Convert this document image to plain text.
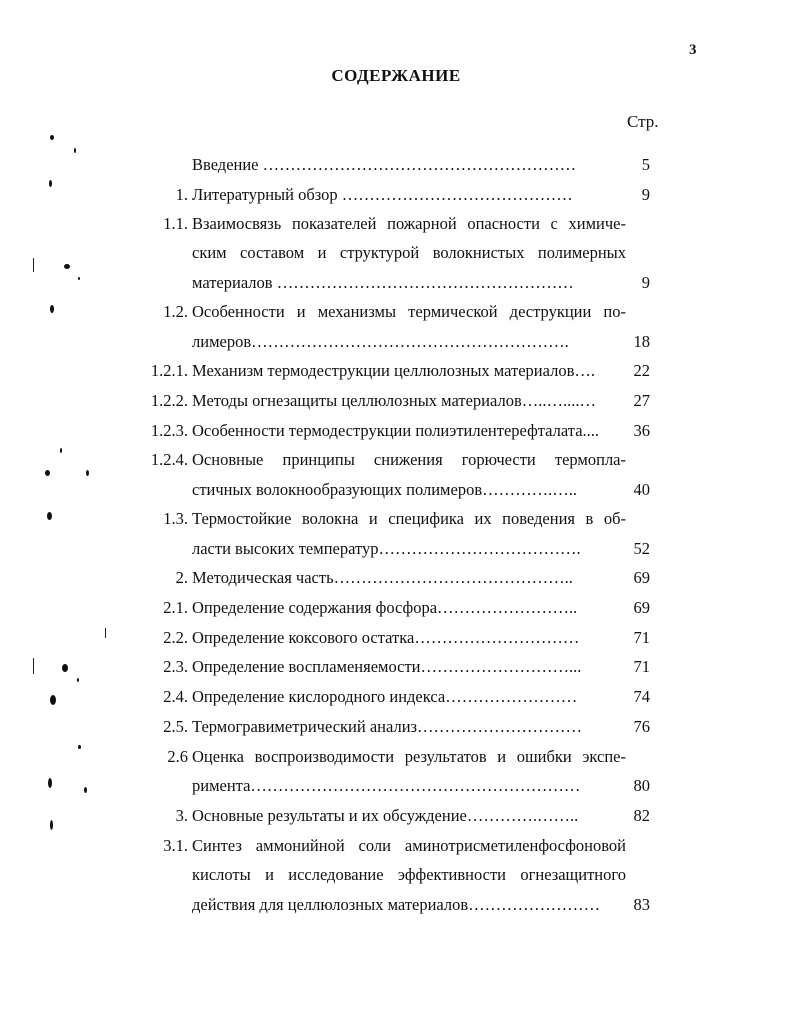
3
СОДЕРЖАНИЕ
Стр.
Введение …………………………………………………	5
1. Литературный обзор ……………………………………	9
1.1. Взаимосвязь показателей пожарной опасности с химиче-
ским составом и структурой волокнистых полимерных
материалов ………………………………………………	9
1.2. Особенности и механизмы термической деструкции по-
лимеров………………………………………………….	18
1.2.1. Механизм термодеструкции целлюлозных материалов….	22
1.2.2. Методы огнезащиты целлюлозных материалов…..…....…	27
1.2.3. Особенности термодеструкции полиэтилентерефталата....	36
1.2.4. Основные принципы снижения горючести термопла-
стичных волокнообразующих полимеров………….…..	40
1.3. Термостойкие волокна и специфика их поведения в об-
ласти высоких температур……………………………….	52
2. Методическая часть……………………………………..	69
2.1. Определение содержания фосфора……………………..	69
2.2. Определение коксового остатка…………………………	71
2.3. Определение воспламеняемости………………………...	71
2.4. Определение кислородного индекса……………………	74
2.5. Термогравиметрический анализ…………………………	76
2.6 Оценка воспроизводимости результатов и ошибки экспе-
римента……………………………………………………	80
3. Основные результаты и их обсуждение………….……..	82
3.1. Синтез аммонийной соли аминотрисметиленфосфоновой
кислоты и исследование эффективности огнезащитного
действия для целлюлозных материалов……………………	83
